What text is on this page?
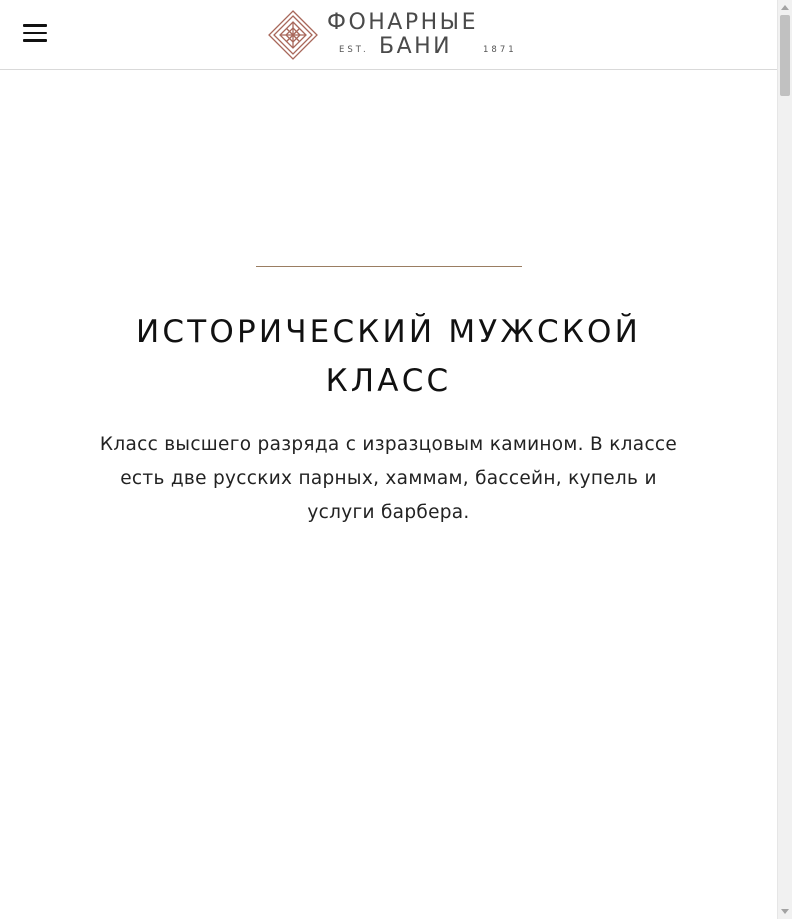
ФОНАРНЫЕ
EST. БАНИ	1871
ИСТОРИЧЕСКИЙ МУЖСКОЙ КЛАСС
Класс высшего разряда с изразцовым камином. В классе есть две русских парных, хаммам, бассейн, купель и услуги барбера.
